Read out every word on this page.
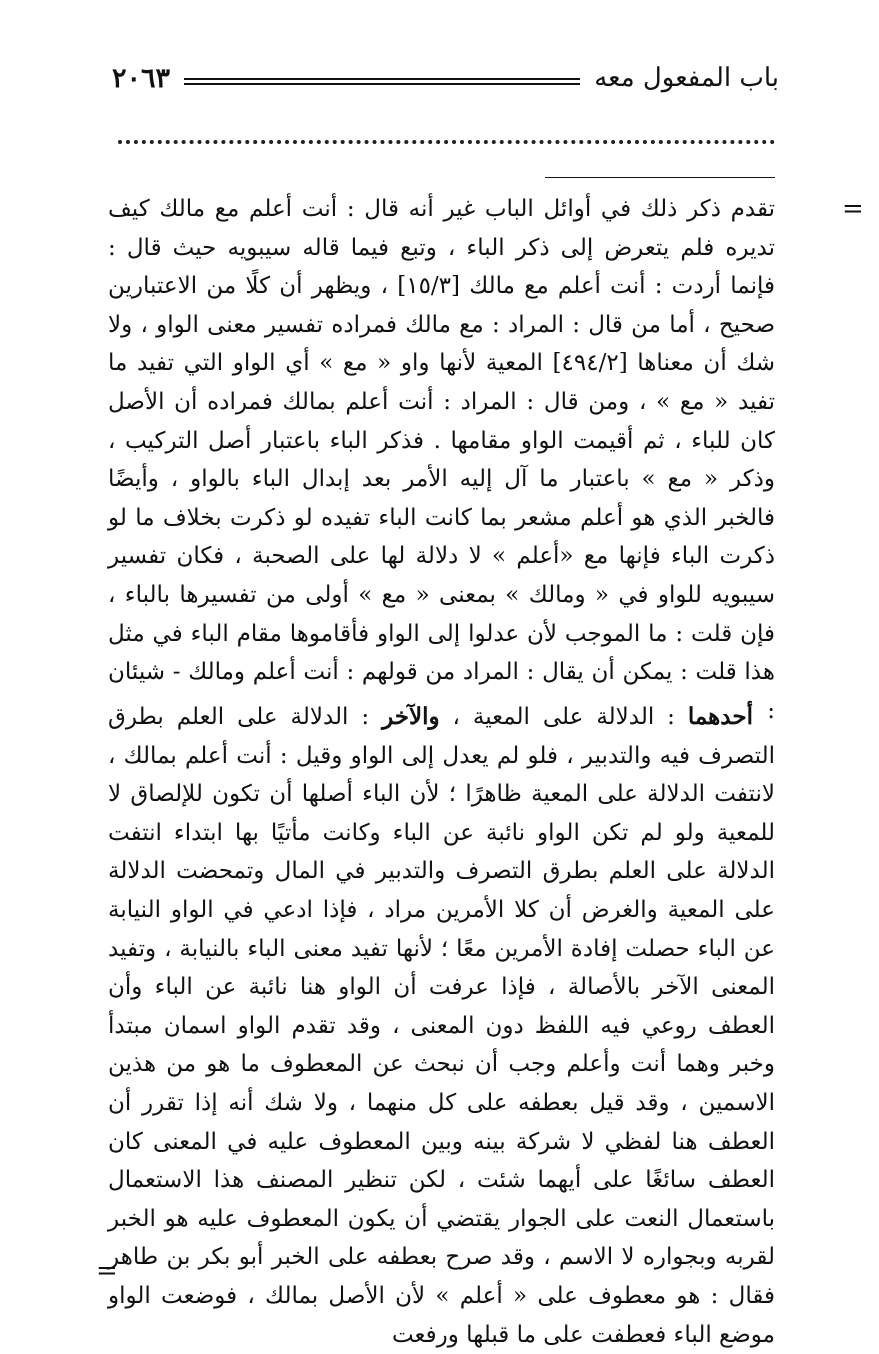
باب المفعول معه
٢٠٦٣
=

تقدم ذكر ذلك في أوائل الباب غير أنه قال : أنت أعلم مع مالك كيف تديره فلم يتعرض إلى ذكر الباء ، وتبع فيما قاله سيبويه حيث قال : فإنما أردت : أنت أعلم مع مالك [١٥/٣] ، ويظهر أن كلًا من الاعتبارين صحيح ، أما من قال : المراد : مع مالك فمراده تفسير معنى الواو ، ولا شك أن معناها [٤٩٤/٢] المعية لأنها واو « مع » أي الواو التي تفيد ما تفيد « مع » ، ومن قال : المراد : أنت أعلم بمالك فمراده أن الأصل كان للباء ، ثم أقيمت الواو مقامها . فذكر الباء باعتبار أصل التركيب ، وذكر « مع » باعتبار ما آل إليه الأمر بعد إبدال الباء بالواو ، وأيضًا فالخبر الذي هو أعلم مشعر بما كانت الباء تفيده لو ذكرت بخلاف ما لو ذكرت الباء فإنها مع «أعلم » لا دلالة لها على الصحبة ، فكان تفسير سيبويه للواو في « ومالك » بمعنى « مع » أولى من تفسيرها بالباء ، فإن قلت : ما الموجب لأن عدلوا إلى الواو فأقاموها مقام الباء في مثل هذا قلت : يمكن أن يقال : المراد من قولهم : أنت أعلم ومالك - شيئان :

أحدهما : الدلالة على المعية ، والآخر : الدلالة على العلم بطرق التصرف فيه والتدبير ، فلو لم يعدل إلى الواو وقيل : أنت أعلم بمالك ، لانتفت الدلالة على المعية ظاهرًا ؛ لأن الباء أصلها أن تكون للإلصاق لا للمعية ولو لم تكن الواو نائبة عن الباء وكانت مأتيًا بها ابتداء انتفت الدلالة على العلم بطرق التصرف والتدبير في المال وتمحضت الدلالة على المعية والغرض أن كلا الأمرين مراد ، فإذا ادعي في الواو النيابة عن الباء حصلت إفادة الأمرين معًا ؛ لأنها تفيد معنى الباء بالنيابة ، وتفيد المعنى الآخر بالأصالة ، فإذا عرفت أن الواو هنا نائبة عن الباء وأن العطف روعي فيه اللفظ دون المعنى ، وقد تقدم الواو اسمان مبتدأ وخبر وهما أنت وأعلم وجب أن نبحث عن المعطوف ما هو من هذين الاسمين ، وقد قيل بعطفه على كل منهما ، ولا شك أنه إذا تقرر أن العطف هنا لفظي لا شركة بينه وبين المعطوف عليه في المعنى كان العطف سائغًا على أيهما شئت ، لكن تنظير المصنف هذا الاستعمال باستعمال النعت على الجوار يقتضي أن يكون المعطوف عليه هو الخبر لقربه وبجواره لا الاسم ، وقد صرح بعطفه على الخبر أبو بكر بن طاهر فقال : هو معطوف على « أعلم » لأن الأصل بمالك ، فوضعت الواو موضع الباء فعطفت على ما قبلها ورفعت

=
